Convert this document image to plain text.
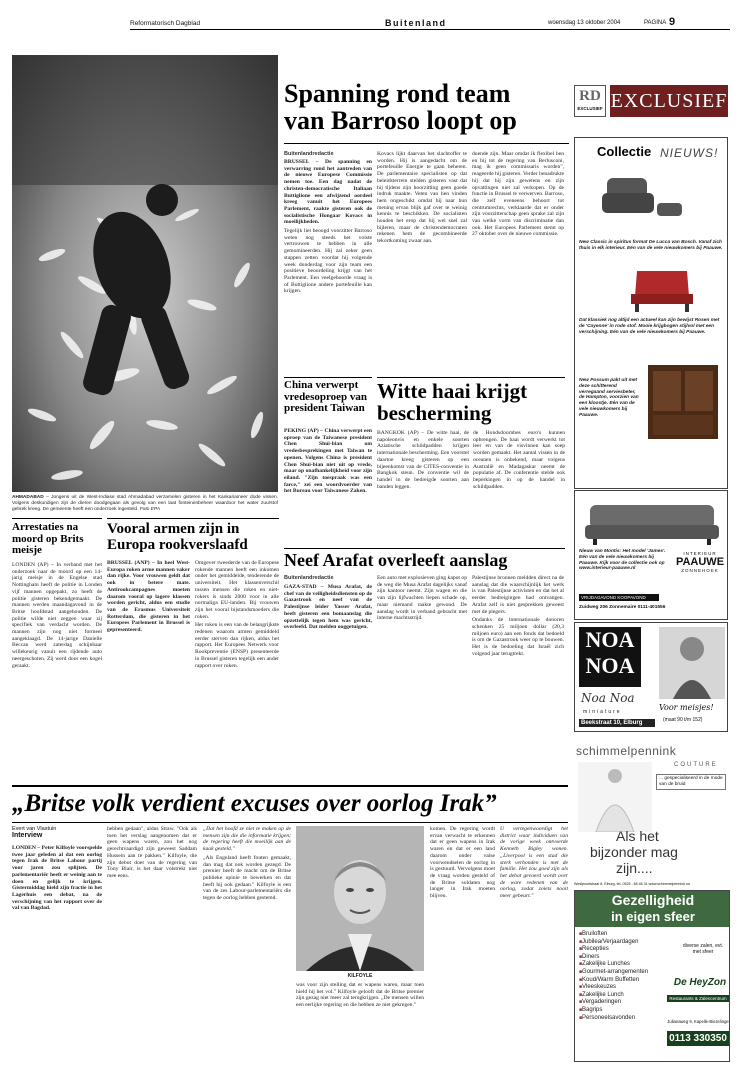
Reformatorisch Dagblad	Buitenland	woensdag 13 oktober 2004	PAGINA 9
AHMADABAD – Jongens uit de West-Indiase stad Ahmadabad verzamelen gisteren in het Kankariameer dode vissen. Volgens deskundigen zijn de dieren doodgegaan als gevolg van een laat fonteinenbeheer waardoor het water zuurstof gebrek kreeg. De gemeente heeft een onderzoek ingesteld. Foto EPA
Spanning rond team
van Barroso loopt op
Buitenlandredactie

BRUSSEL – De spanning en verwarring rond het aantreden van de nieuwe Europese Commissie nemen toe. Een dag nadat de christen-democratische Italiaan Buttiglione een afwijzend oordeel kreeg vanuit het Europees Parlement, raakte gisteren ook de socialistische Hongaar Kovacs in moeilijkheden.

Tegelijk liet beoogd voorzitter Barroso weten nog steeds het volste vertrouwen te hebben in alle gemomineerden. Hij zal zeker geen stappen zetten voordat hij volgende week donderdag voor zijn team een positieve beoordeling krijgt van het Parlement. Een veelgehoorde vraag is of Buttiglione andere portefeuille kan krijgen.

Kovacs lijkt daarvan het slachtoffer te worden. Hij is aangedacht om de portefeuille Energie te gaan beheren. De parlementaire specialisten op dat beleidsterrein stelden gisteren vast dat hij tijdens zijn hoorzitting geen goede indruk maakte. Veten van hen vinden hem ongeschikt omdat hij naar hun mening ervan blijk gaf over te weinig kennis te beschikken. De socialisten houden het erop dat hij wel snel zal bijleren, maar de christendemocraten rekenen hem de gecombineerde tekortkoming zwaar aan.
doende zijn. Maar omdat ik flexibel ben en bij tot de regering van Berlusconi, mag ik geen commissaris worden", reageerde hij gisteren. Verder benadrukte hij dat hij zijn gewetens en zijn opvattingen niet zal verkopen. Op de functie in Brussel te verwerven. Barroso, die zelf eveneens behoort tot centrumrechts, verklaarde dat er onder zijn voorzitterschap geen sprake zal zijn van welke vorm van discriminatie dan ook. Het Europees Parlement stemt op 27 oktober over de nieuwe commissie.
China verwerpt vredesoproep van president Taiwan
PEKING (AP) – China verwerpt een oproep van de Taiwanese president Chen Shui-bian om vredesbesprekingen met Taiwan te openen. Volgens China is president Chen Shui-bian niet uit op vrede, maar op onafhankelijkheid voor zijn eiland. "Zijn toespraak was een farce," zei een woordvoerder van het Bureau voor Taiwanese Zaken.
Witte haai krijgt
bescherming
BANGKOK (AP) – De witte haai, de napoleonvis en enkele soorten Aziatische schildpadden krijgen internationale bescherming. Een voorstel daartoe kreeg gisteren op een bijeenkomst van de CITES-conventie in Bangkok steun. De conventie wil de handel in de bedreigde soorten aan banden leggen.
de Hondsdoornbes euro's kunnen opbrengen. De haai wordt verwerkt tot leer en van de visvinnen kan soep worden gemaakt. Het aantal vissen in de oceanen is onbekend, maar volgens Australië en Madagaskar neemt de populatie af. De conferentie stelde ook beperkingen in op de handel in schildpadden.
Arrestaties na moord op Brits meisje
LONDEN (AP) – In verband met het onderzoek naar de moord op een 14-jarig meisje in de Engelse stad Nottingham heeft de politie in Londen vijf mannen opgepakt, zo heeft de politie gisteren bekendgemaakt. De mannen werden maandagavond in de Britse hoofdstad aangehouden. De politie wilde niet zeggen waar zij specifiek van verdacht worden. De mannen zijn nog niet formeel aangeklaagd. De 14-jarige Danielle Beccan werd zaterdag schijnbaar willekeurig vanuit een rijdende auto neergeschoten. Zij werd door een kogel geraakt.
Vooral armen zijn in
Europa rookverslaafd
BRUSSEL (ANP) – In heel West-Europa roken arme mannen vaker dan rijke. Voor vrouwen geldt dat ook in betere mate. Antirookcampagnes moeten daarom vooral op lagere klassen worden gericht, aldus een studie van de Erasmus Universiteit Rotterdam, die gisteren in het Europees Parlement in Brussel is gepresenteerd.

Omgever tweederde van de Europese rokende mannen heeft een inkomen onder het gemiddelde, tenderende de universiteit. Het klassenverschil tussen mensen die roken en niet-rokers is sinds 2000 voor in alle normaliga EU-landen. Bij vrouwen zijn het vooral bijstandsmoeders die roken.

Het roken is een van de belangrijkste redenen waarom armen gemiddeld eerder sterven dan rijken, aldus het rapport. Het Europees Netwerk voor Rookpreventie (ENSP) presenteerde in Brussel gisteren tegelijk een ander rapport over roken.

Neef Arafat overleeft aanslag
Buitenlandredactie

GAZA-STAD – Musa Arafat, de chef van de veiligheidsdiensten op de Gazastrook en neef van de Palestijnse leider Yasser Arafat, heeft gisteren een bomaanslag die opzettelijk tegen hem was gericht, overleefd. Dat melden ooggetuigen.

Een auto met explosieven ging kapot op de weg die Musa Arafat dagelijks vanaf zijn kantoor neemt. Zijn wagen en die van zijn lijfwachten liepen schade op, maar niemand raakte gewond. De aanslag wordt in verband gebracht met interne machtsstrijd.

Palestijnse bronnen meldden direct na de aanslag dat die waarschijnlijk het werk is van Palestijnse activisten en dat het al eerder bedreigingen had ontvangen. Arafat zelf is niet gesprekken geweest met de plegers.

Ondanks de internationale donoren schenken 25 miljoen dollar (20,3 miljoen euro) aan een fonds dat bedoeld is om de Gazastrook weer op te bouwen. Het is de bedoeling dat Israël zich volgend jaar terugtrekt.

„Britse volk verdient excuses over oorlog Irak”
Evert van Vlastuin
Interview
LONDEN – Peter Kilfoyle voorspelde twee jaar geleden al dat een oorlog tegen Irak de Britse Labour partij voor jaren zou splijten. De parlementariër heeft er weinig aan te doen en gelijk te krijgen. Gistermiddag hield zijn fractie in het Lagerhuis een debat, na de verschijning van het rapport over de val van Bagdad.
hebben gedaan", aldus Straw. "Ook als toen het verslag aangenomen dat er geen wapens waren, zou het nog gerechtvaardigd zijn geweest Saddam Hussein aan te pakken." Kilfoyle, die zijn debut doet van de regering van Tony Blair, is het daar volstrekt niet mee eens.

„Dat het hoofd ze niet te maken op de mensen zijn die die informatie krijgen; de regering heeft die moeilijk aan de kaak gesteld."

„Als Engeland heeft fouten gemaakt, dan mag dat ook worden gezegd. De premier heeft de macht om de Britse publieke opinie te bewerken en dat heeft hij ook gedaan." Kilfoyle is een van de zes Labour-parlementariërs die tegen de oorlog hebben gestemd.

KILFOYLE
was voor zijn stelling dat er wapens waren, maar toen hield hij het vol." Kilfoyle gelooft dat de Britse premier zijn gezag niet meer zal terugkrijgen. „De mensen willen een eerlijke regering en die hebben ze niet gekregen."
komen. De regering wordt ervan verwacht te erkennen dat er geen wapens in Irak waren en dat er een land daarom onder valse voorwendselen de oorlog in is gestuurd. Vervolgens moet de vraag worden gesteld of de Britse soldaten nog langer in Irak moeten blijven.
U vertegenwoordigt het district waar individuen van de vorige week ontvoerde Kenneth Bigley wonen. „Liverpool is een stad die sterk verbonden is met de familie. Het zou goed zijn als het debat gevoerd wordt over de ware redenen van de oorlog, zodat zoiets nooit meer gebeurt."
RD
EXCLUSIEF EXCLUSIEF
Collectie NIEUWS!
New Classic in spiritus format De Lucca van Bosch. Vanaf zich thuis in elk interieur. Eén van de vele nieuwkomers bij Paauwe.
Dat klassiek nog altijd een actueel kan zijn bewijst Rosen met de 'Cayenne' in rode stof. Mooie krijgbogen stijlvol met een verschijning. Eén van de vele nieuwkomers bij Paauwe.
New Possum pakt uit met deze schitterend verregaand serviesbeter, de Hampton, voorzien van een kloostje. Eén van de vele nieuwkomers bij Paauwe.
Nieuw van Montis: Het model 'James'. Eén van de vele nieuwkomers bij Paauwe. Kijk voor de collectie ook op www.interieur-paauwe.nl
INTERIEUR
PAAUWE
ZONNEHOEK
VRIJDAGAVOND KOOPAVOND
Zuidweg 206 Zonnemaire 0111-401556
NOA
NOA
Noa Noa
miniature
Beekstraat 10, Elburg
Voor meisjes!
(maat 90 t/m 152)
schimmelpennink
COUTURE
... gespecialiseerd in de mode van de bruid
Als het
bijzonder mag
zijn....
Westpoortstraat 8, Elburg, tel. 0525 - 68 46 31 www.schimmelpennink.nu
Gezelligheid
in eigen sfeer
■ Bruiloften
■ Jubilea/Verjaardagen
■ Recepties
■ Diners
■ Zakelijke Lunches
■ Gourmet-arrangementen
■ Koud/Warm Buffetten
■ Vleeskeuzes
■ Zakelijke Lunch
■ Vergaderingen
■ Bagrips
■ Personeelsavonden
diverse zalen, evt. met sfeer
De HeyZon
Restaurants & Zalencentrum
Julianaweg 9, Kapelle-Biezelinge
0113 330350
